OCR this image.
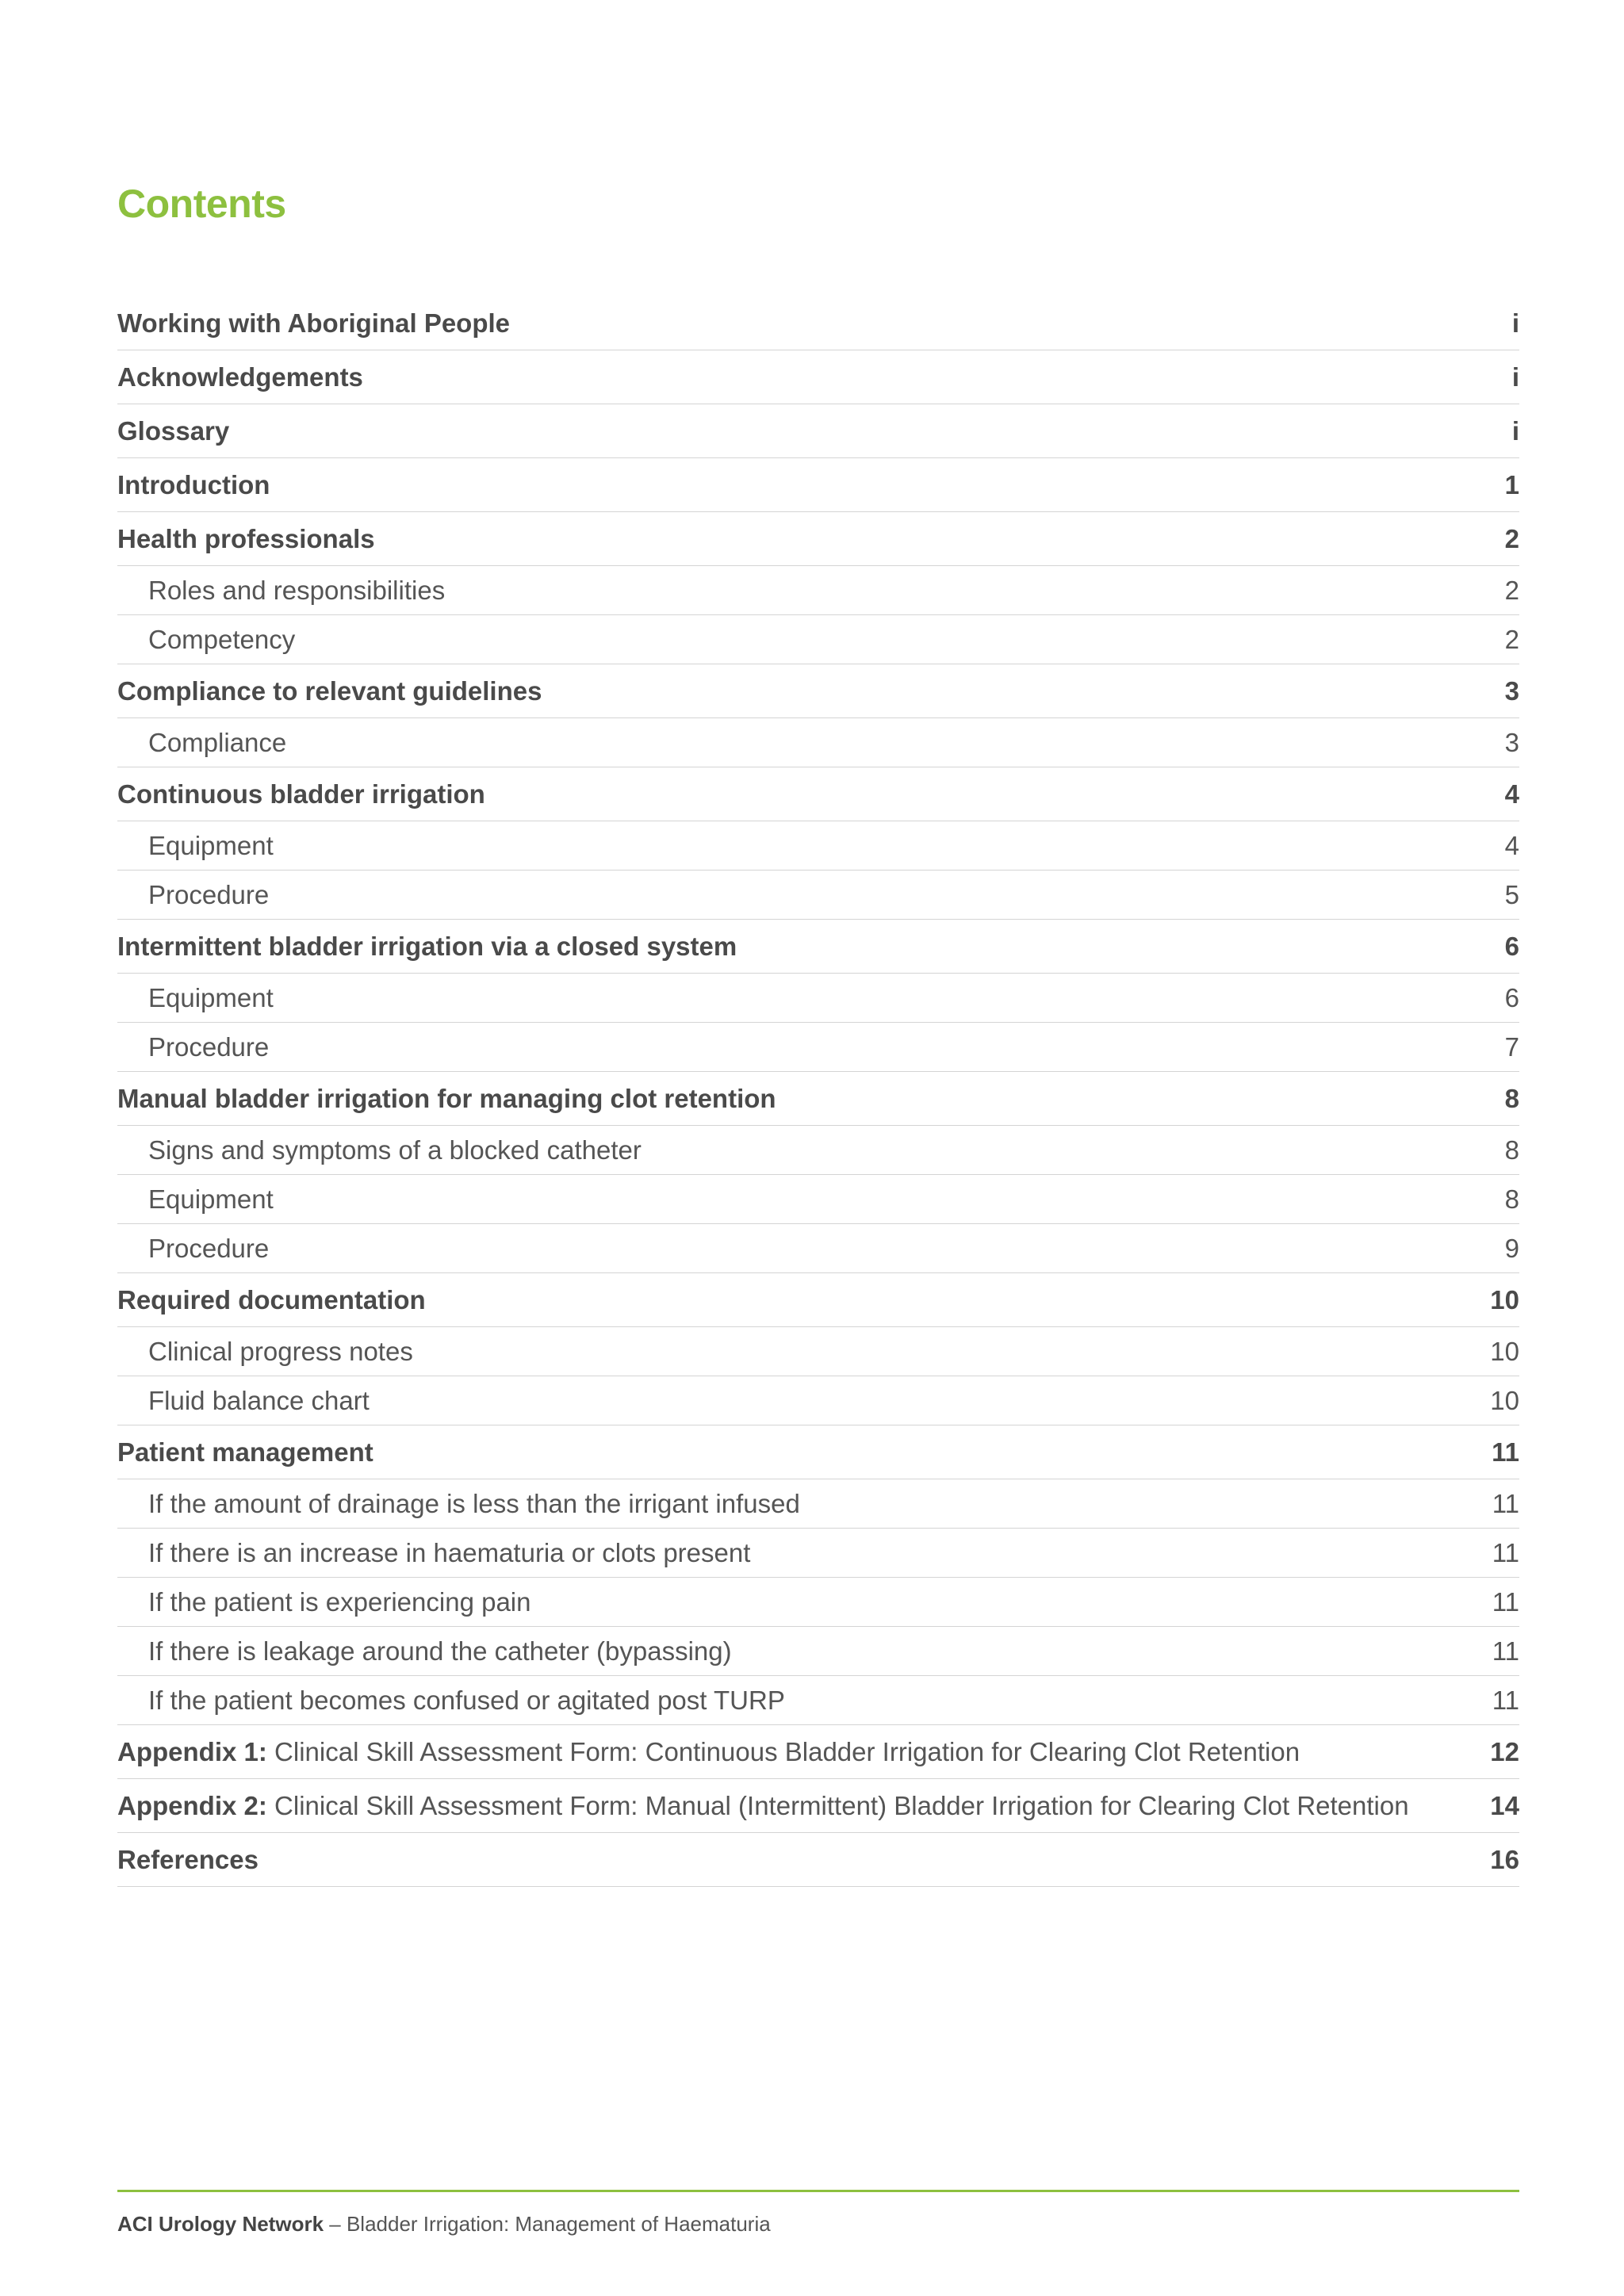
Contents
Working with Aboriginal People	i
Acknowledgements	i
Glossary	i
Introduction	1
Health professionals	2
Roles and responsibilities	2
Competency	2
Compliance to relevant guidelines	3
Compliance	3
Continuous bladder irrigation	4
Equipment	4
Procedure	5
Intermittent bladder irrigation via a closed system	6
Equipment	6
Procedure	7
Manual bladder irrigation for managing clot retention	8
Signs and symptoms of a blocked catheter	8
Equipment	8
Procedure	9
Required documentation	10
Clinical progress notes	10
Fluid balance chart	10
Patient management	11
If the amount of drainage is less than the irrigant infused	11
If there is an increase in haematuria or clots present	11
If the patient is experiencing pain	11
If there is leakage around the catheter (bypassing)	11
If the patient becomes confused or agitated post TURP	11
Appendix 1: Clinical Skill Assessment Form: Continuous Bladder Irrigation for Clearing Clot Retention	12
Appendix 2: Clinical Skill Assessment Form: Manual (Intermittent) Bladder Irrigation for Clearing Clot Retention	14
References	16
ACI Urology Network – Bladder Irrigation: Management of Haematuria
